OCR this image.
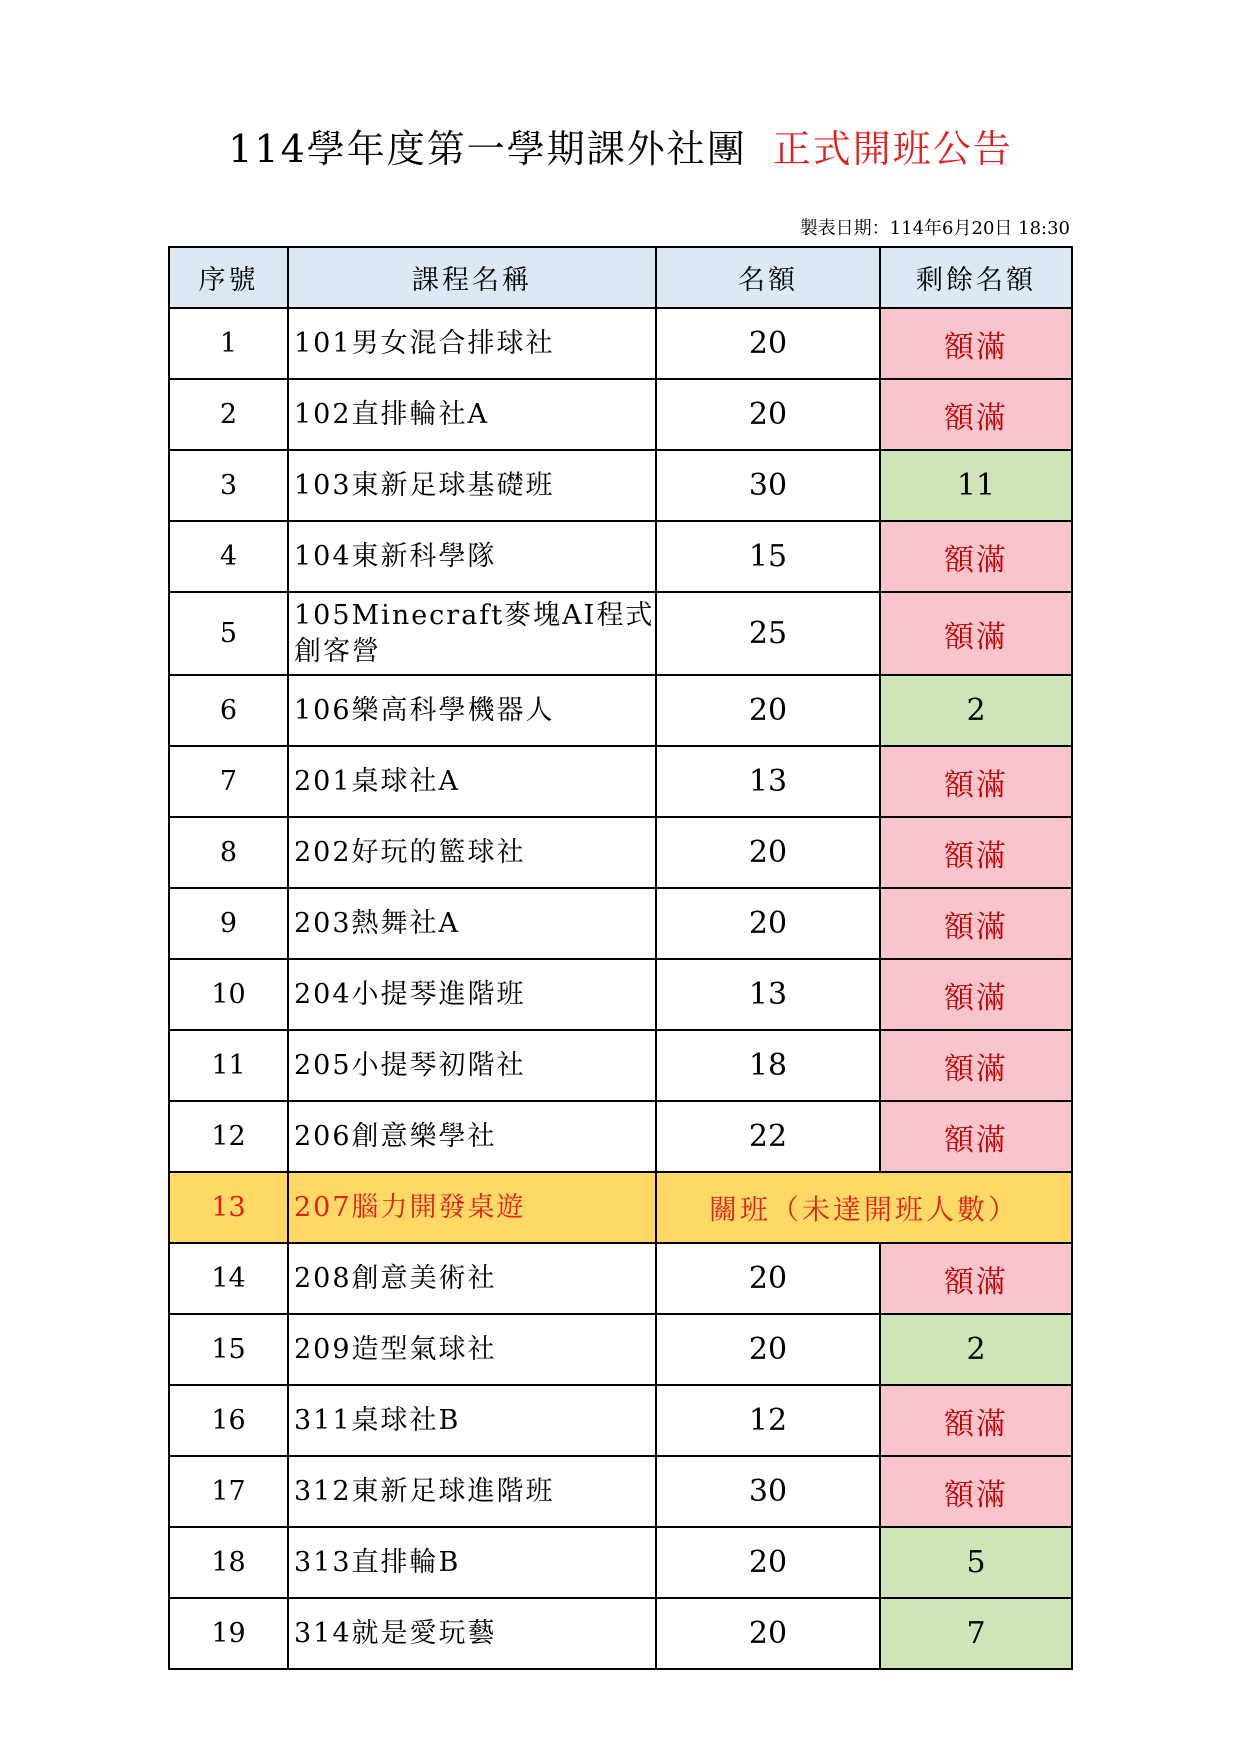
114學年度第一學期課外社團 正式開班公告
製表日期：114年6月20日 18:30
序號	課程名稱	名額	剩餘名額
1	101男女混合排球社	20	額滿
2	102直排輪社A	20	額滿
3	103東新足球基礎班	30	11
4	104東新科學隊	15	額滿
5	105Minecraft麥塊AI程式創客營	25	額滿
6	106樂高科學機器人	20	2
7	201桌球社A	13	額滿
8	202好玩的籃球社	20	額滿
9	203熱舞社A	20	額滿
10	204小提琴進階班	13	額滿
11	205小提琴初階社	18	額滿
12	206創意樂學社	22	額滿
13	207腦力開發桌遊	關班（未達開班人數）	
14	208創意美術社	20	額滿
15	209造型氣球社	20	2
16	311桌球社B	12	額滿
17	312東新足球進階班	30	額滿
18	313直排輪B	20	5
19	314就是愛玩藝	20	7
